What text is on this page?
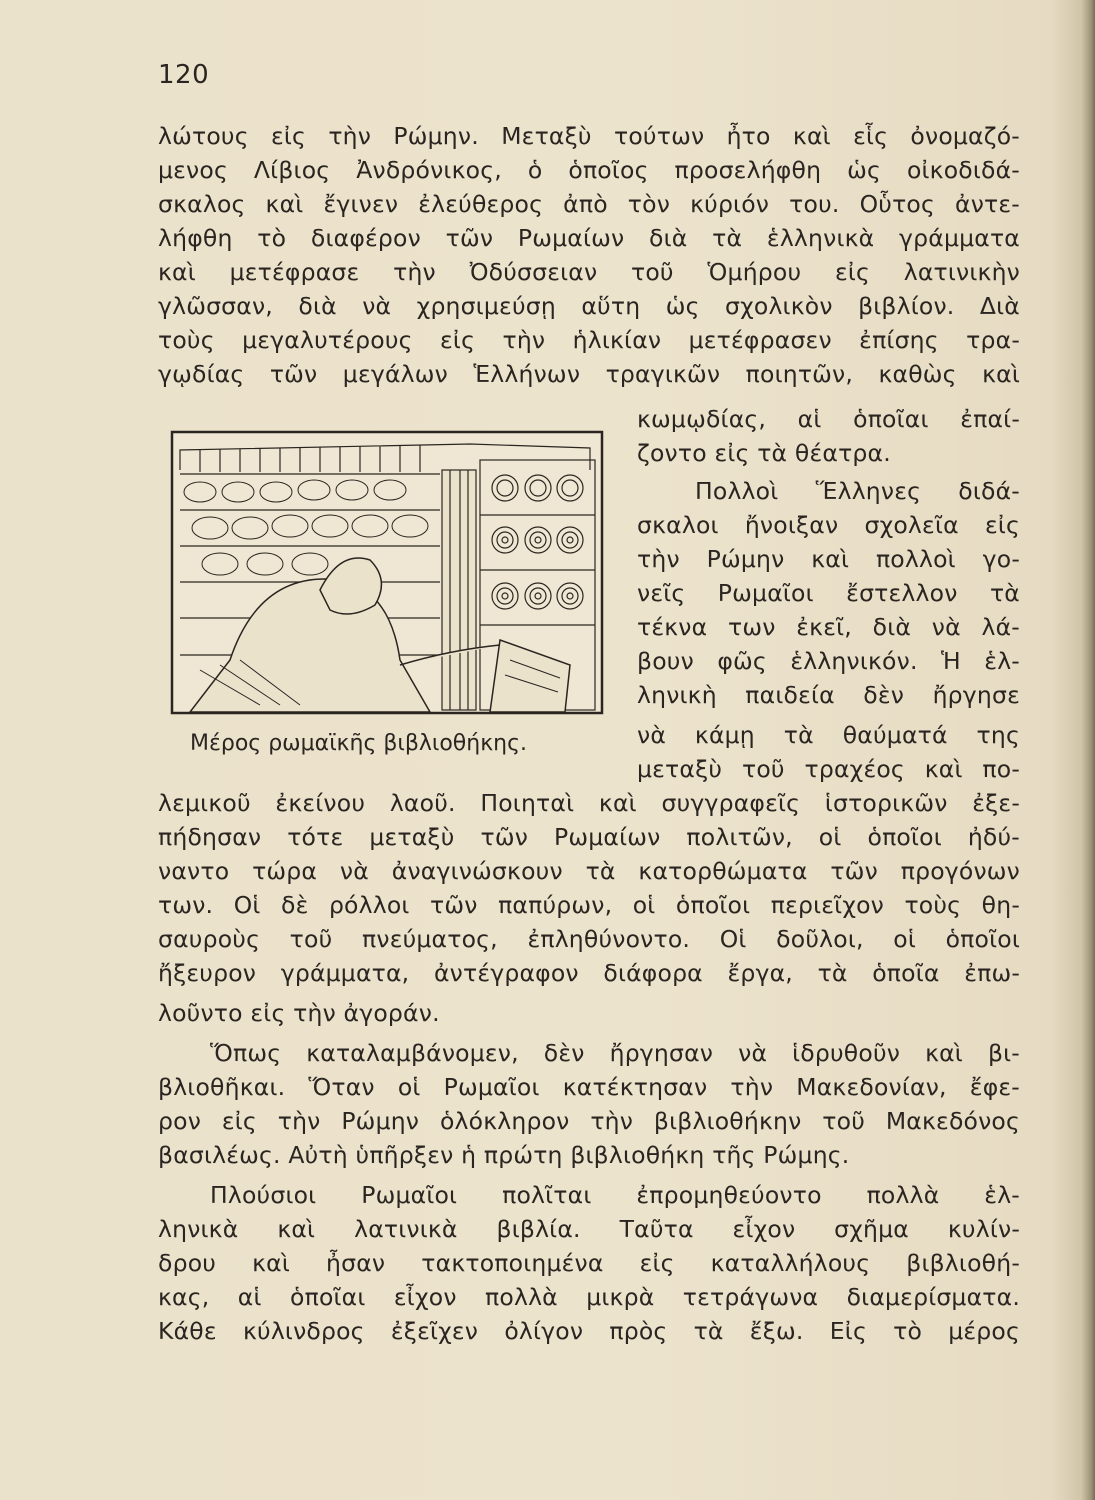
120
λώτους εἰς τὴν Ρώμην. Μεταξὺ τούτων ἦτο καὶ εἷς ὀνομαζό-
μενος Λίβιος Ἀνδρόνικος, ὁ ὁποῖος προσελήφθη ὡς οἰκοδιδά-
σκαλος καὶ ἔγινεν ἐλεύθερος ἀπὸ τὸν κύριόν του. Οὗτος ἀντε-
λήφθη τὸ διαφέρον τῶν Ρωμαίων διὰ τὰ ἑλληνικὰ γράμματα
καὶ μετέφρασε τὴν Ὀδύσσειαν τοῦ Ὁμήρου εἰς λατινικὴν
γλῶσσαν, διὰ νὰ χρησιμεύσῃ αὕτη ὡς σχολικὸν βιβλίον. Διὰ
τοὺς μεγαλυτέρους εἰς τὴν ἡλικίαν μετέφρασεν ἐπίσης τρα-
γῳδίας τῶν μεγάλων Ἑλλήνων τραγικῶν ποιητῶν, καθὼς καὶ
κωμῳδίας, αἱ ὁποῖαι ἐπαί-
ζοντο εἰς τὰ θέατρα.
Πολλοὶ Ἕλληνες διδά-
σκαλοι ἤνοιξαν σχολεῖα εἰς
τὴν Ρώμην καὶ πολλοὶ γο-
νεῖς Ρωμαῖοι ἔστελλον τὰ
τέκνα των ἐκεῖ, διὰ νὰ λά-
βουν φῶς ἑλληνικόν. Ἡ ἑλ-
ληνικὴ παιδεία δὲν ἤργησε
νὰ κάμῃ τὰ θαύματά της
μεταξὺ τοῦ τραχέος καὶ πο-
λεμικοῦ ἐκείνου λαοῦ. Ποιηταὶ καὶ συγγραφεῖς ἱστορικῶν ἐξε-
πήδησαν τότε μεταξὺ τῶν Ρωμαίων πολιτῶν, οἱ ὁποῖοι ἠδύ-
ναντο τώρα νὰ ἀναγινώσκουν τὰ κατορθώματα τῶν προγόνων
των. Οἱ δὲ ρόλλοι τῶν παπύρων, οἱ ὁποῖοι περιεῖχον τοὺς θη-
σαυροὺς τοῦ πνεύματος, ἐπληθύνοντο. Οἱ δοῦλοι, οἱ ὁποῖοι
ἤξευρον γράμματα, ἀντέγραφον διάφορα ἔργα, τὰ ὁποῖα ἐπω-
λοῦντο εἰς τὴν ἀγοράν.
Ὅπως καταλαμβάνομεν, δὲν ἤργησαν νὰ ἱδρυθοῦν καὶ βι-
βλιοθῆκαι. Ὅταν οἱ Ρωμαῖοι κατέκτησαν τὴν Μακεδονίαν, ἔφε-
ρον εἰς τὴν Ρώμην ὁλόκληρον τὴν βιβλιοθήκην τοῦ Μακεδόνος
βασιλέως. Αὐτὴ ὑπῆρξεν ἡ πρώτη βιβλιοθήκη τῆς Ρώμης.
Πλούσιοι Ρωμαῖοι πολῖται ἐπρομηθεύοντο πολλὰ ἑλ-
ληνικὰ καὶ λατινικὰ βιβλία. Ταῦτα εἶχον σχῆμα κυλίν-
δρου καὶ ἦσαν τακτοποιημένα εἰς καταλλήλους βιβλιοθή-
κας, αἱ ὁποῖαι εἶχον πολλὰ μικρὰ τετράγωνα διαμερίσματα.
Κάθε κύλινδρος ἐξεῖχεν ὀλίγον πρὸς τὰ ἔξω. Εἰς τὸ μέρος
Μέρος ρωμαϊκῆς βιβλιοθήκης.
